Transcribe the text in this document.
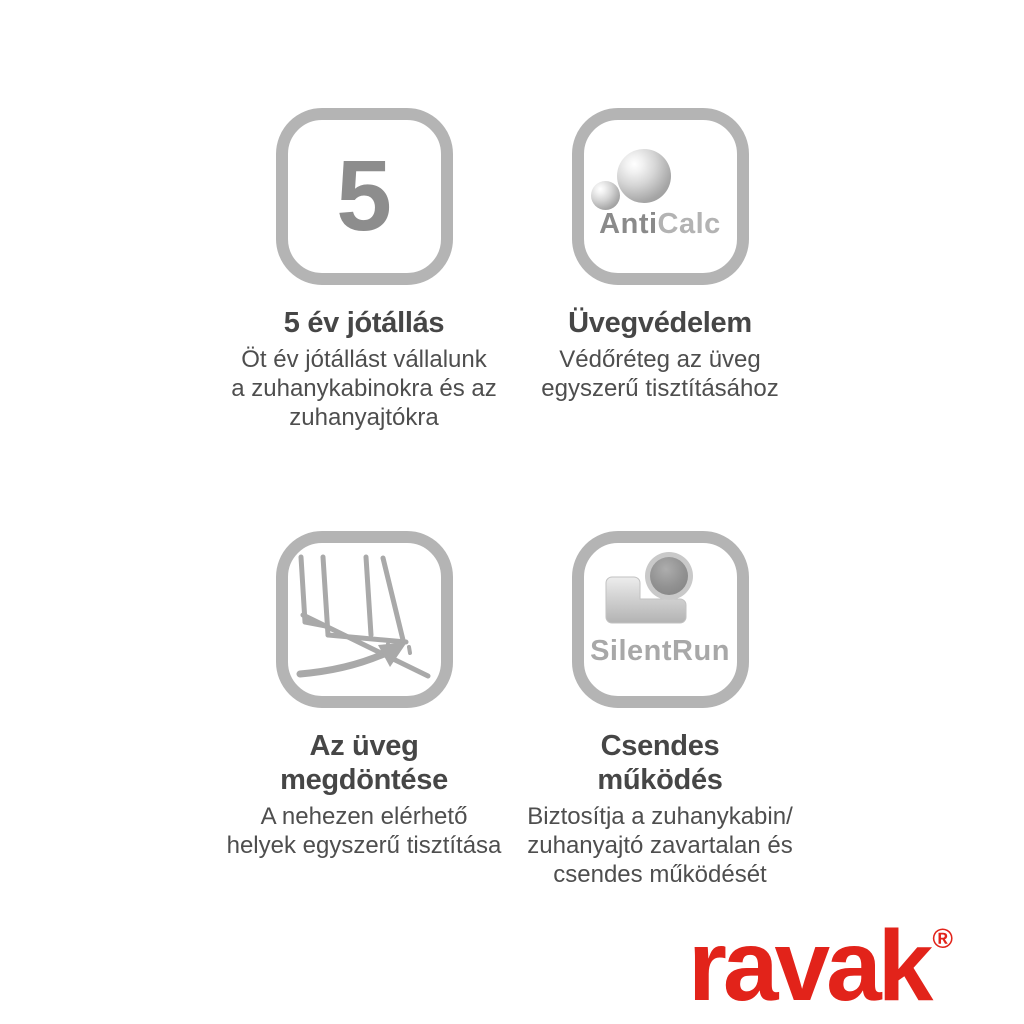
5
5 év jótállás
Öt év jótállást vállalunk
a zuhanykabinokra és az
zuhanyajtókra
AntiCalc
Üvegvédelem
Védőréteg az üveg
egyszerű tisztításához
Az üveg
megdöntése
A nehezen elérhető
helyek egyszerű tisztítása
SilentRun
Csendes
működés
Biztosítja a zuhanykabin/
zuhanyajtó zavartalan és
csendes működését
ravak ®
